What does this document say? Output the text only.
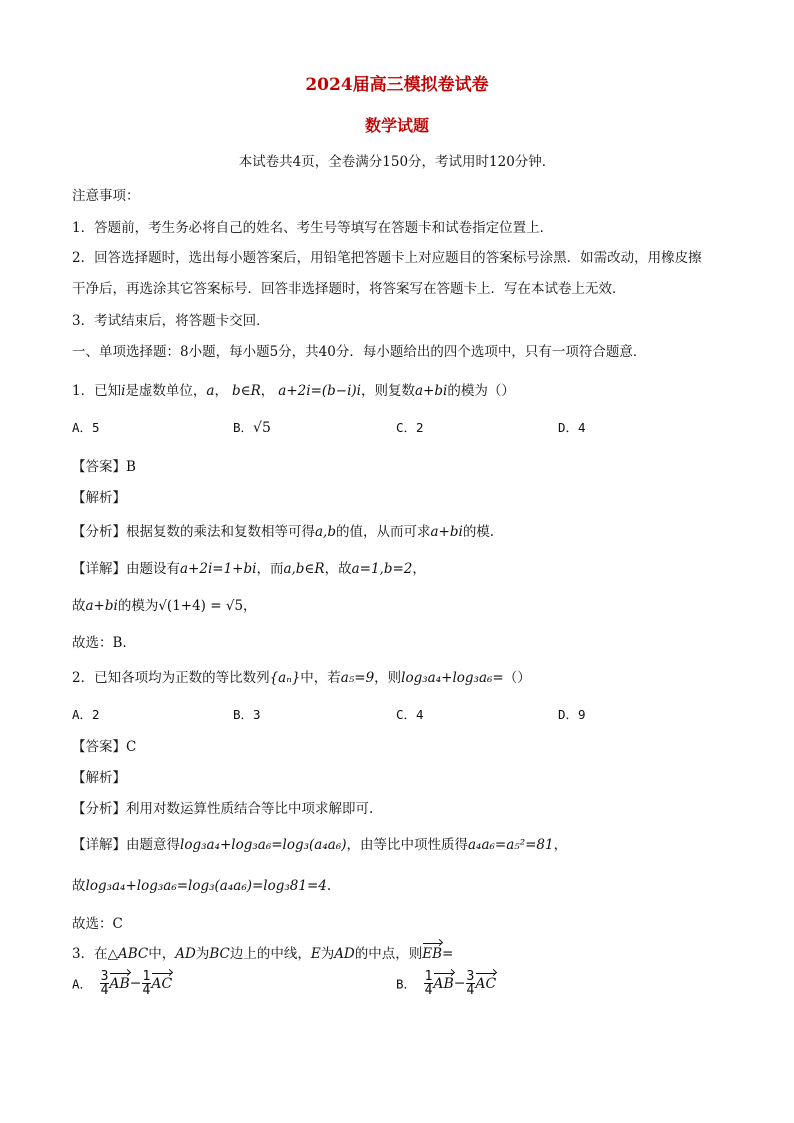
2024届高三模拟卷试卷
数学试题
本试卷共4页，全卷满分150分，考试用时120分钟．
注意事项：
1．答题前，考生务必将自己的姓名、考生号等填写在答题卡和试卷指定位置上．
2．回答选择题时，选出每小题答案后，用铅笔把答题卡上对应题目的答案标号涂黑．如需改动，用橡皮擦
干净后，再选涂其它答案标号．回答非选择题时，将答案写在答题卡上．写在本试卷上无效．
3．考试结束后，将答题卡交回．
一、单项选择题：8小题，每小题5分，共40分．每小题给出的四个选项中，只有一项符合题意．
1．已知i是虚数单位，a， b∈R， a+2i=(b−i)i，则复数a+bi的模为（）
A．5	B．√5	C．2	D．4
【答案】B
【解析】
【分析】根据复数的乘法和复数相等可得a,b的值，从而可求a+bi的模.
【详解】由题设有a+2i=1+bi，而a,b∈R，故a=1,b=2，
故a+bi的模为√(1+4) = √5，
故选：B.
2．已知各项均为正数的等比数列{aₙ}中，若a₅=9，则log₃a₄+log₃a₆=（）
A．2	B．3	C．4	D．9
【答案】C
【解析】
【分析】利用对数运算性质结合等比中项求解即可.
【详解】由题意得log₃a₄+log₃a₆=log₃(a₄a₆)，由等比中项性质得a₄a₆=a₅²=81，
故log₃a₄+log₃a₆=log₃(a₄a₆)=log₃81=4.
故选：C
3．在△ABC中，AD为BC边上的中线，E为AD的中点，则EB=
A． $\frac{3}{4} AB- \frac{1}{4}$ AC	B． $\frac{1}{4} AB- \frac{3}{4}$ AC
